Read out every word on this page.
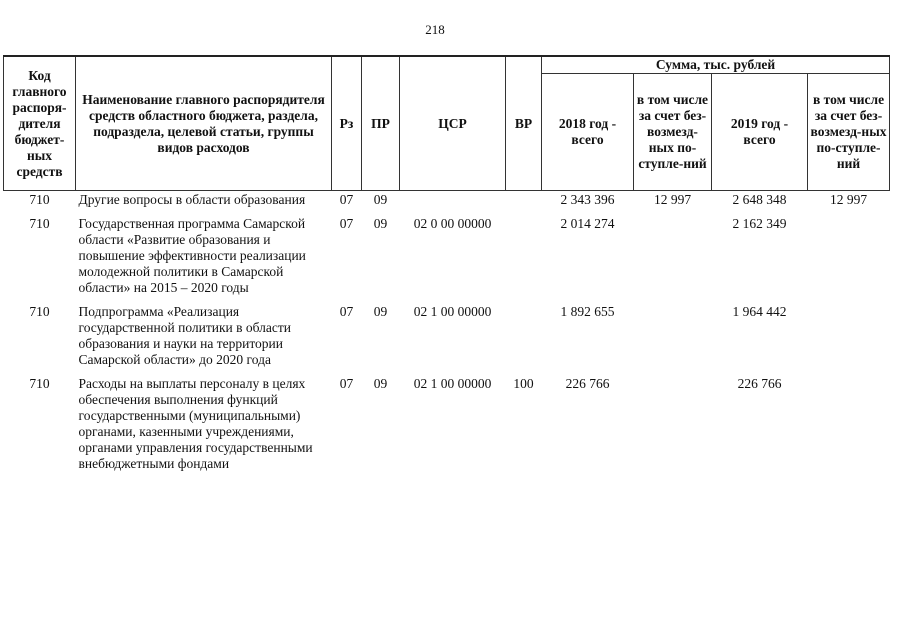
218
Код главного распоря-дителя бюджет-ных средств	Наименование главного распорядителя средств областного бюджета, раздела, подраздела, целевой статьи, группы видов расходов	Рз	ПР	ЦСР	ВР	Сумма, тыс. рублей			
						2018 год - всего	в том числе за счет без-возмезд-ных по-ступле-ний	2019 год - всего	в том числе за счет без-возмезд-ных по-ступле-ний
710	Другие вопросы в области образования	07	09			2 343 396	12 997	2 648 348	12 997
710	Государственная программа Самарской области «Развитие образования и повышение эффективности реализации молодежной политики в Самарской области» на 2015 – 2020 годы	07	09	02 0 00 00000		2 014 274		2 162 349	
710	Подпрограмма «Реализация государственной политики в области образования и науки на территории Самарской области» до 2020 года	07	09	02 1 00 00000		1 892 655		1 964 442	
710	Расходы на выплаты персоналу в целях обеспечения выполнения функций государственными (муниципальными) органами, казенными учреждениями, органами управления государственными внебюджетными фондами	07	09	02 1 00 00000	100	226 766		226 766	
